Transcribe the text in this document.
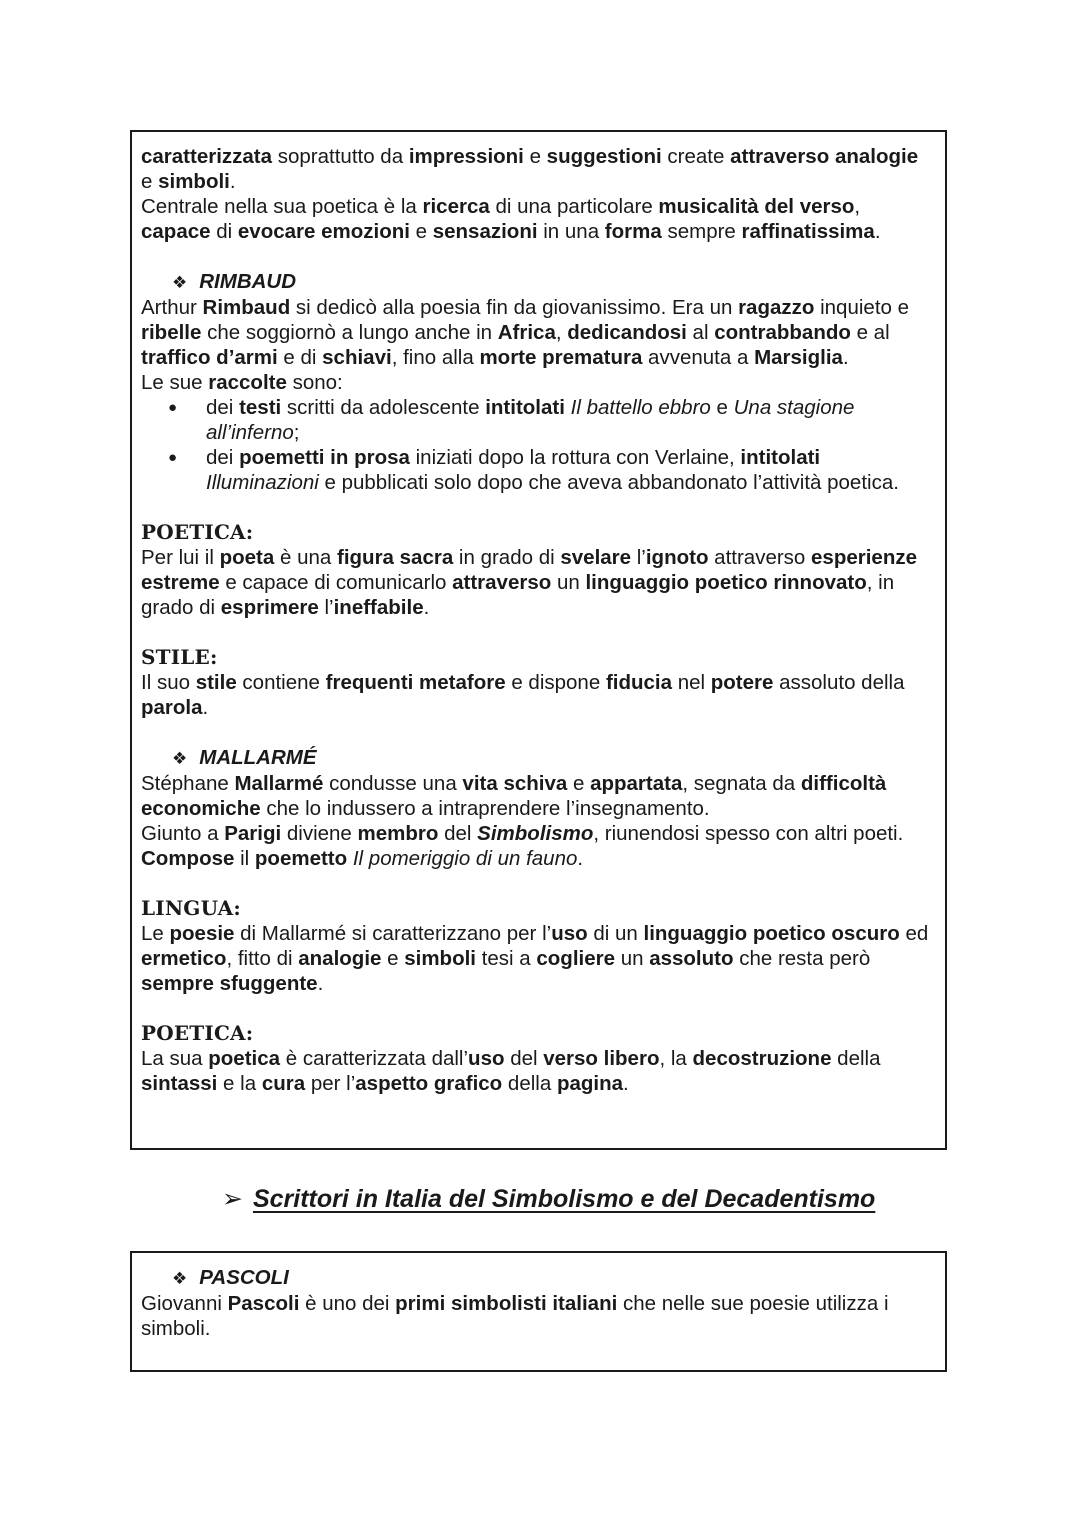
caratterizzata soprattutto da impressioni e suggestioni create attraverso analogie e simboli.

Centrale nella sua poetica è la ricerca di una particolare musicalità del verso, capace di evocare emozioni e sensazioni in una forma sempre raffinatissima.

❖ RIMBAUD

Arthur Rimbaud si dedicò alla poesia fin da giovanissimo. Era un ragazzo inquieto e ribelle che soggiornò a lungo anche in Africa, dedicandosi al contrabbando e al traffico d’armi e di schiavi, fino alla morte prematura avvenuta a Marsiglia.

Le sue raccolte sono:

● dei testi scritti da adolescente intitolati Il battello ebbro e Una stagione all’inferno;
● dei poemetti in prosa iniziati dopo la rottura con Verlaine, intitolati Illuminazioni e pubblicati solo dopo che aveva abbandonato l’attività poetica.

POETICA:

Per lui il poeta è una figura sacra in grado di svelare l’ignoto attraverso esperienze estreme e capace di comunicarlo attraverso un linguaggio poetico rinnovato, in grado di esprimere l’ineffabile.

STILE:

Il suo stile contiene frequenti metafore e dispone fiducia nel potere assoluto della parola.

❖ MALLARMÉ

Stéphane Mallarmé condusse una vita schiva e appartata, segnata da difficoltà economiche che lo indussero a intraprendere l’insegnamento.

Giunto a Parigi diviene membro del Simbolismo, riunendosi spesso con altri poeti.

Compose il poemetto Il pomeriggio di un fauno.

LINGUA:

Le poesie di Mallarmé si caratterizzano per l’uso di un linguaggio poetico oscuro ed ermetico, fitto di analogie e simboli tesi a cogliere un assoluto che resta però sempre sfuggente.

POETICA:

La sua poetica è caratterizzata dall’uso del verso libero, la decostruzione della sintassi e la cura per l’aspetto grafico della pagina.

➢ Scrittori in Italia del Simbolismo e del Decadentismo

❖ PASCOLI

Giovanni Pascoli è uno dei primi simbolisti italiani che nelle sue poesie utilizza i simboli.
